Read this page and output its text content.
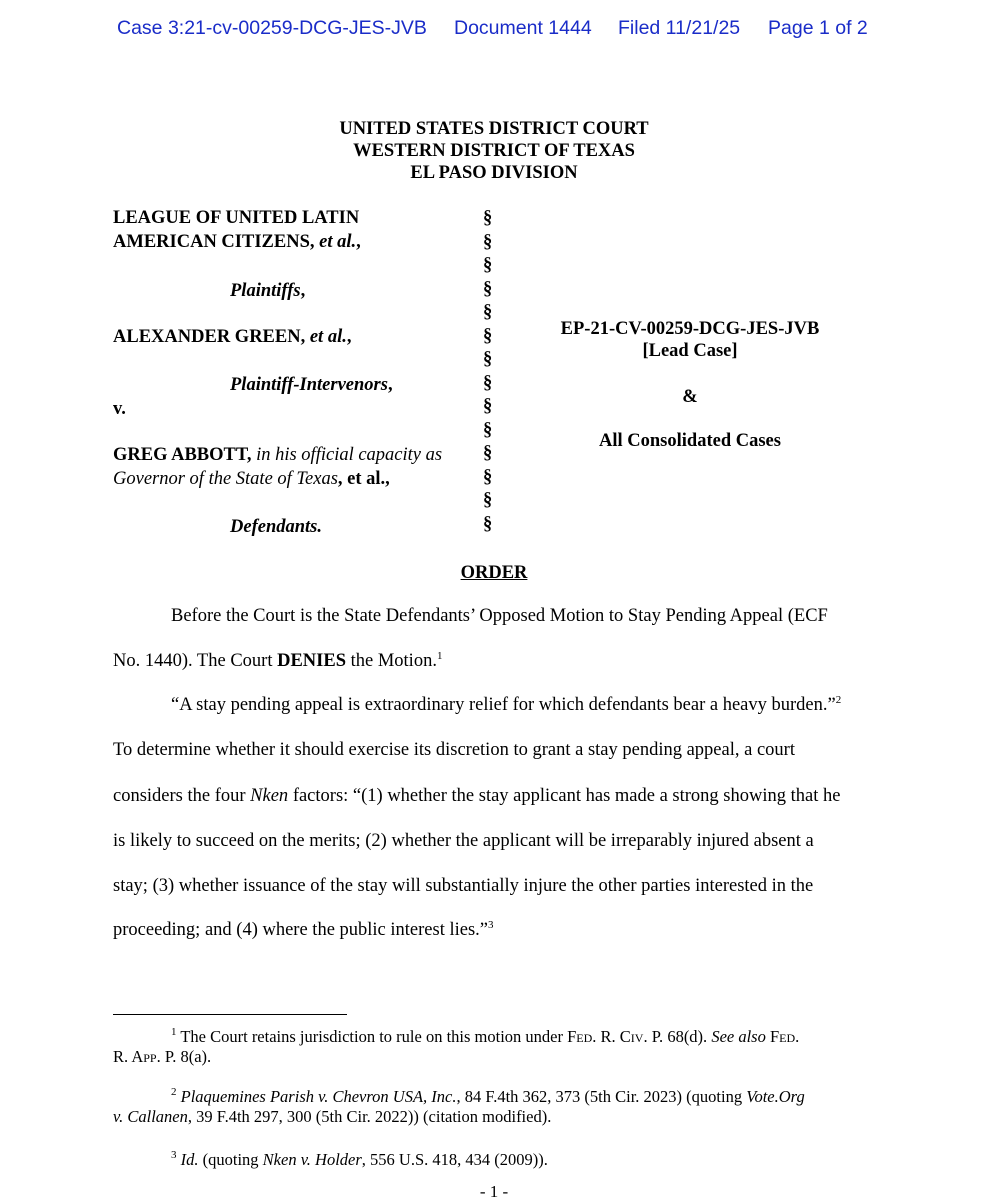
Case 3:21-cv-00259-DCG-JES-JVB Document 1444 Filed 11/21/25 Page 1 of 2
UNITED STATES DISTRICT COURT
WESTERN DISTRICT OF TEXAS
EL PASO DIVISION
LEAGUE OF UNITED LATIN
AMERICAN CITIZENS, et al.,
Plaintiffs,
ALEXANDER GREEN, et al.,
Plaintiff-Intervenors,
v.
GREG ABBOTT, in his official capacity as
Governor of the State of Texas, et al.,
Defendants.
§
§
§
§
§
§
§
§
§
§
§
§
§
§
EP-21-CV-00259-DCG-JES-JVB
[Lead Case]
&
All Consolidated Cases
ORDER
Before the Court is the State Defendants’ Opposed Motion to Stay Pending Appeal (ECF
No. 1440). The Court DENIES the Motion.$^1$
“A stay pending appeal is extraordinary relief for which defendants bear a heavy burden.”$^2$
To determine whether it should exercise its discretion to grant a stay pending appeal, a court
considers the four Nken factors: “(1) whether the stay applicant has made a strong showing that he
is likely to succeed on the merits; (2) whether the applicant will be irreparably injured absent a
stay; (3) whether issuance of the stay will substantially injure the other parties interested in the
proceeding; and (4) where the public interest lies.”$^3$
$^1$ The Court retains jurisdiction to rule on this motion under Fed. R. Civ. P. 68(d). See also Fed.
R. App. P. 8(a).
$^2$ Plaquemines Parish v. Chevron USA, Inc., 84 F.4th 362, 373 (5th Cir. 2023) (quoting Vote.Org
v. Callanen, 39 F.4th 297, 300 (5th Cir. 2022)) (citation modified).
$^3$ Id. (quoting Nken v. Holder, 556 U.S. 418, 434 (2009)).
- 1 -
